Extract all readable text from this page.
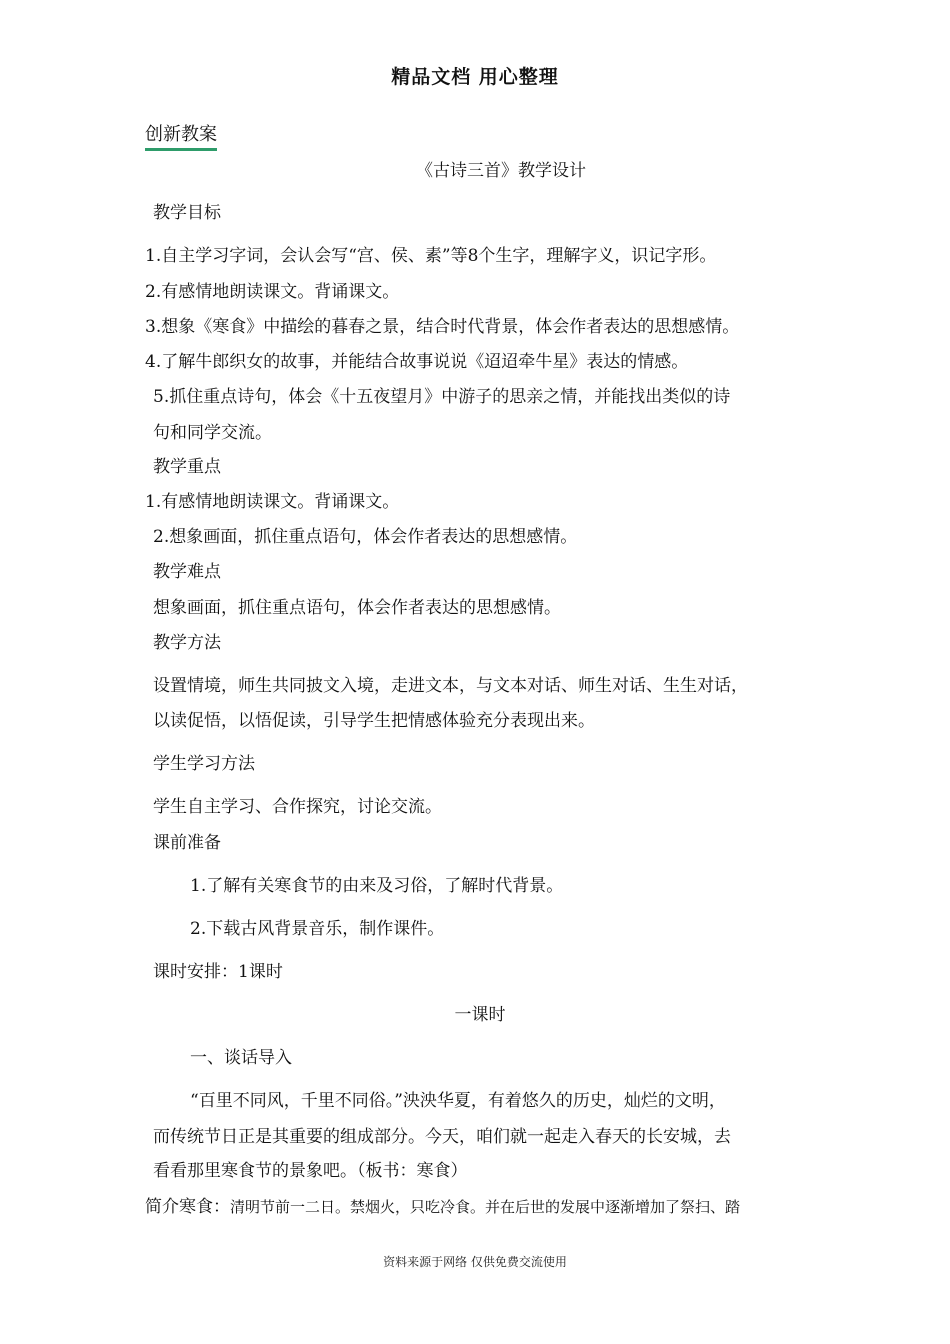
精品文档 用心整理
创新教案
《古诗三首》教学设计
教学目标
1.自主学习字词，会认会写“宫、侯、素”等8个生字，理解字义，识记字形。
2.有感情地朗读课文。背诵课文。
3.想象《寒食》中描绘的暮春之景，结合时代背景，体会作者表达的思想感情。
4.了解牛郎织女的故事，并能结合故事说说《迢迢牵牛星》表达的情感。
5.抓住重点诗句，体会《十五夜望月》中游子的思亲之情，并能找出类似的诗
句和同学交流。
教学重点
1.有感情地朗读课文。背诵课文。
2.想象画面，抓住重点语句，体会作者表达的思想感情。
教学难点
想象画面，抓住重点语句，体会作者表达的思想感情。
教学方法
设置情境，师生共同披文入境，走进文本，与文本对话、师生对话、生生对话，
以读促悟，以悟促读，引导学生把情感体验充分表现出来。
学生学习方法
学生自主学习、合作探究，讨论交流。
课前准备
1.了解有关寒食节的由来及习俗，了解时代背景。
2.下载古风背景音乐，制作课件。
课时安排：1课时
一课时
一、谈话导入
“百里不同风，千里不同俗。”泱泱华夏，有着悠久的历史，灿烂的文明，
而传统节日正是其重要的组成部分。今天，咱们就一起走入春天的长安城，去
看看那里寒食节的景象吧。（板书：寒食）
简介寒食：清明节前一二日。禁烟火，只吃冷食。并在后世的发展中逐渐增加了祭扫、踏
资料来源于网络 仅供免费交流使用
